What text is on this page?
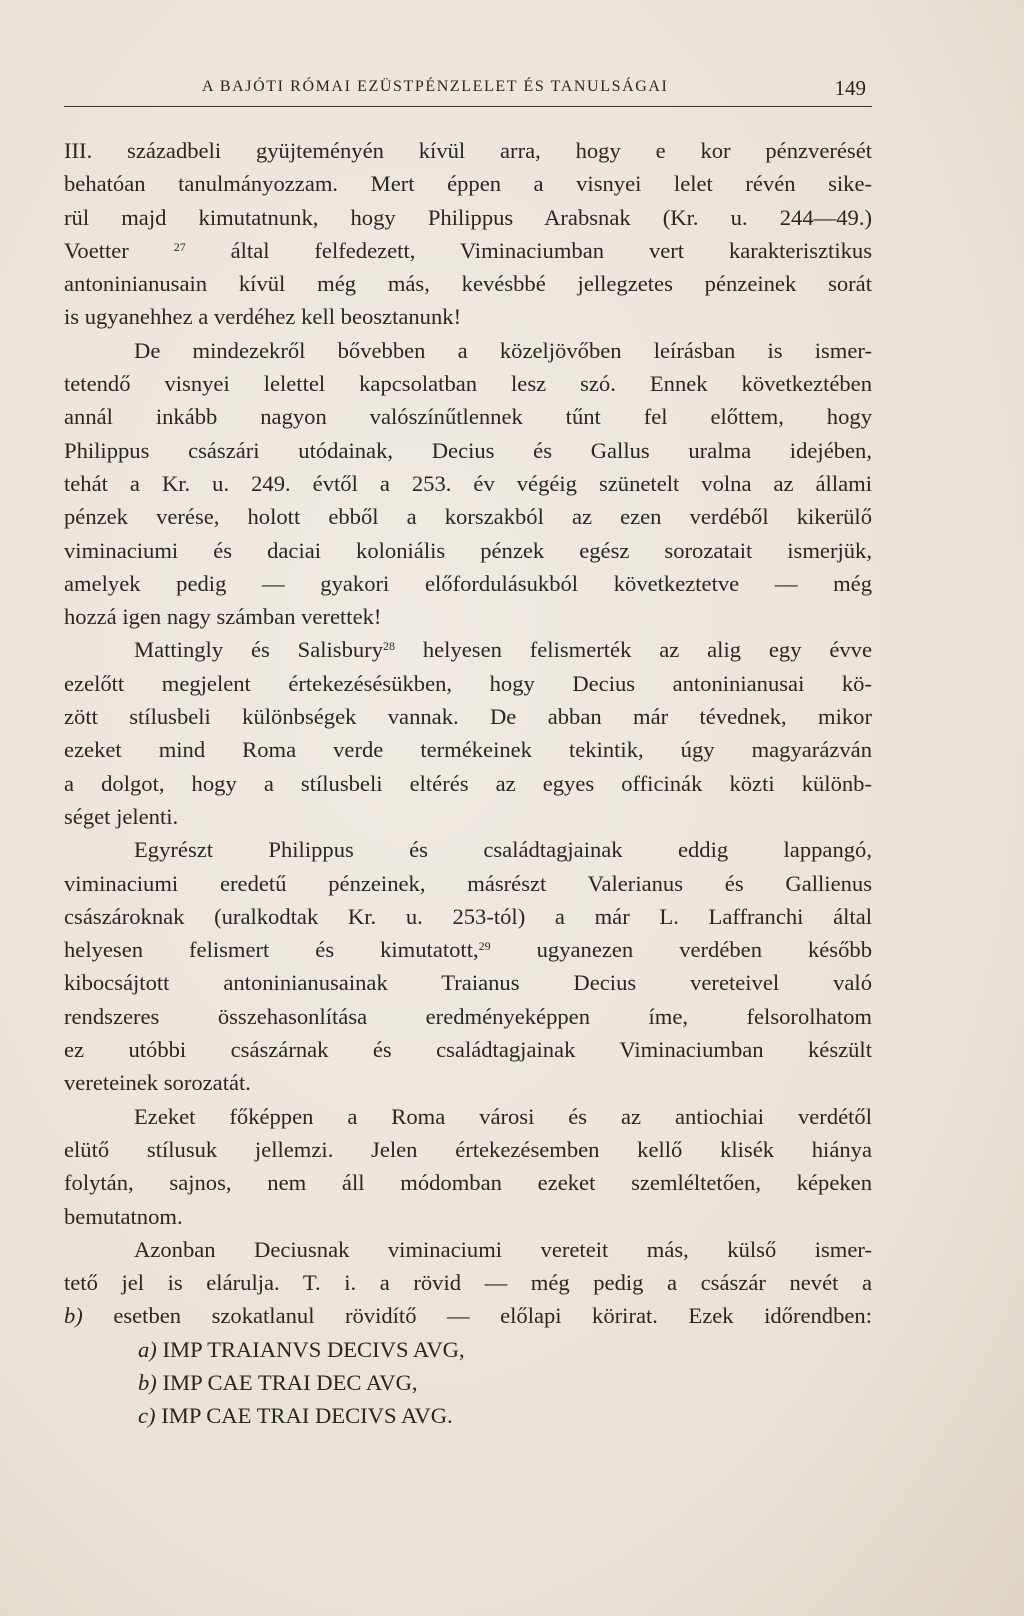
A BAJÓTI RÓMAI EZÜSTPÉNZLELET ÉS TANULSÁGAI	149
III. századbeli gyüjteményén kívül arra, hogy e kor pénzverését
behatóan tanulmányozzam. Mert éppen a visnyei lelet révén sike-
rül majd kimutatnunk, hogy Philippus Arabsnak (Kr. u. 244—49.)
Voetter	$^{27}$ által felfedezett, Viminaciumban vert karakterisztikus
antoninianusain kívül még más, kevésbbé jellegzetes pénzeinek sorát
is ugyanehhez a verdéhez kell beosztanunk!
De mindezekről bővebben a közeljövőben leírásban is ismer-
tetendő visnyei lelettel kapcsolatban lesz szó. Ennek következtében
annál inkább nagyon valószínűtlennek tűnt fel előttem, hogy
Philippus császári utódainak, Decius és Gallus uralma idejében,
tehát a Kr. u. 249. évtől a 253. év végéig szünetelt volna az állami
pénzek verése, holott ebből a korszakból az ezen verdéből kikerülő
viminaciumi és daciai koloniális pénzek egész sorozatait ismerjük,
amelyek pedig — gyakori előfordulásukból következtetve — még
hozzá igen nagy számban verettek!
Mattingly és Salisbury$^{28}$ helyesen felismerték az alig egy évve
ezelőtt megjelent értekezésésükben, hogy Decius antoninianusai kö-
zött stílusbeli különbségek vannak. De abban már tévednek, mikor
ezeket mind Roma verde termékeinek tekintik, úgy magyarázván
a dolgot, hogy a stílusbeli eltérés az egyes officinák közti különb-
séget jelenti.
Egyrészt Philippus és családtagjainak eddig lappangó,
viminaciumi eredetű pénzeinek, másrészt Valerianus és Gallienus
császároknak (uralkodtak Kr. u. 253-tól) a már L. Laffranchi által
helyesen felismert és kimutatott,$^{29}$ ugyanezen verdében később
kibocsájtott antoninianusainak Traianus Decius vereteivel való
rendszeres összehasonlítása eredményeképpen íme, felsorolhatom
ez utóbbi császárnak és családtagjainak Viminaciumban készült
vereteinek sorozatát.
Ezeket főképpen a Roma városi és az antiochiai verdétől
elütő stílusuk jellemzi. Jelen értekezésemben kellő klisék hiánya
folytán, sajnos, nem áll módomban ezeket szemléltetően, képeken
bemutatnom.
Azonban Deciusnak viminaciumi vereteit más, külső ismer-
tető jel is elárulja. T. i. a rövid — még pedig a császár nevét a
b) esetben szokatlanul rövidítő — előlapi körirat. Ezek időrendben:
a) IMP TRAIANVS DECIVS AVG,
b) IMP CAE TRAI DEC AVG,
c) IMP CAE TRAI DECIVS AVG.
